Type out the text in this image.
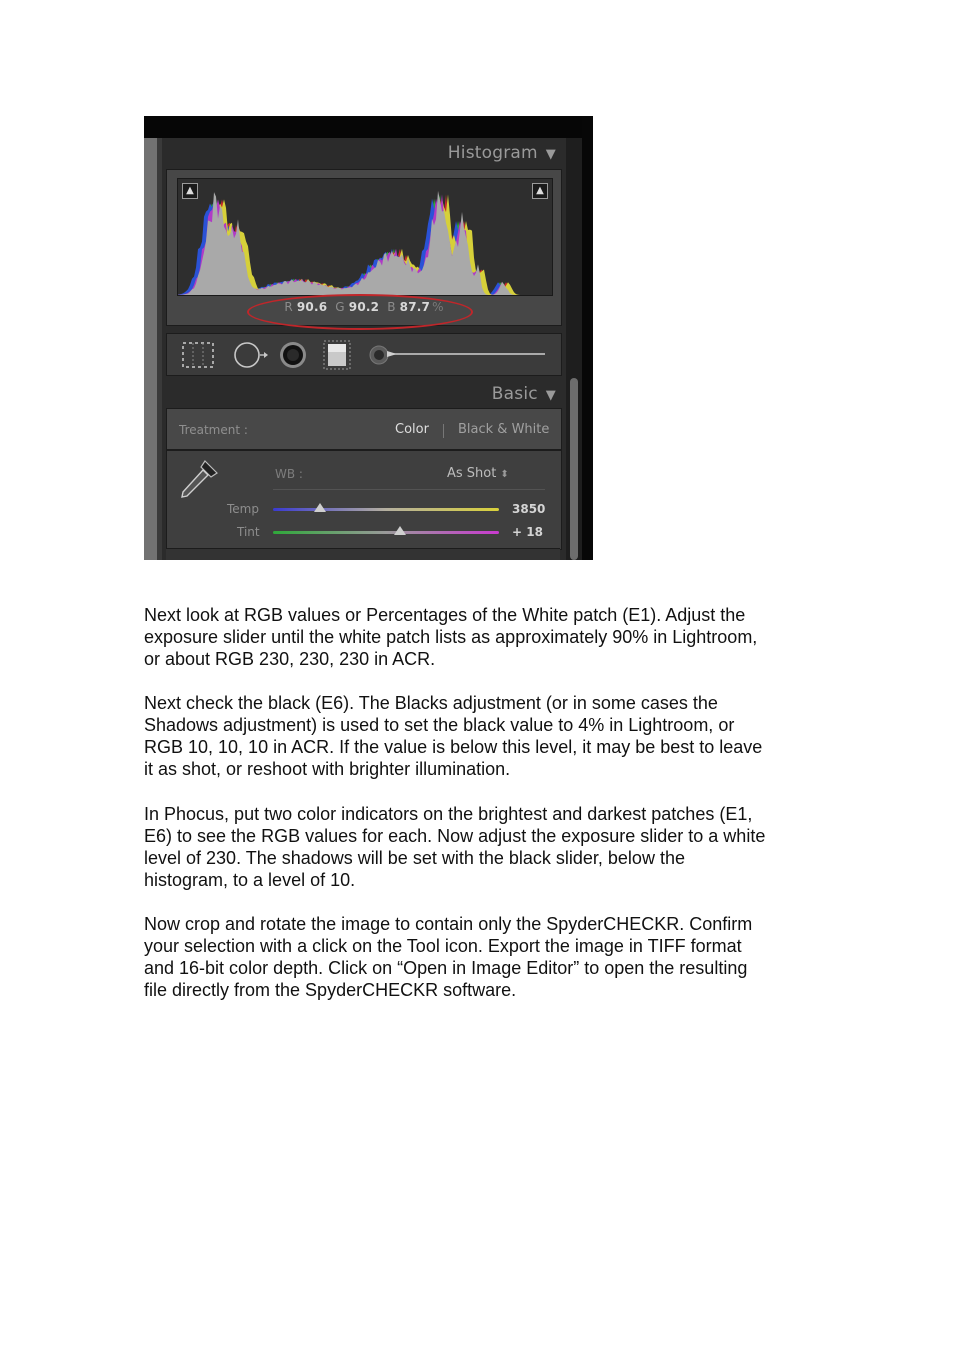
Histogram ▼
▲	▲
R 90.6 G 90.2 B 87.7 %
Basic ▼
Treatment :	Color Black & White
WB :	As Shot ⬍
Temp	3850
Tint	+ 18

Next look at RGB values or Percentages of the White patch (E1). Adjust the
exposure slider until the white patch lists as approximately 90% in Lightroom,
or about RGB 230, 230, 230 in ACR.

Next check the black (E6). The Blacks adjustment (or in some cases the
Shadows adjustment) is used to set the black value to 4% in Lightroom, or
RGB 10, 10, 10 in ACR. If the value is below this level, it may be best to leave
it as shot, or reshoot with brighter illumination.

In Phocus, put two color indicators on the brightest and darkest patches (E1,
E6) to see the RGB values for each. Now adjust the exposure slider to a white
level of 230. The shadows will be set with the black slider, below the
histogram, to a level of 10.

Now crop and rotate the image to contain only the SpyderCHECKR. Confirm
your selection with a click on the Tool icon. Export the image in TIFF format
and 16-bit color depth. Click on “Open in Image Editor” to open the resulting
file directly from the SpyderCHECKR software.
